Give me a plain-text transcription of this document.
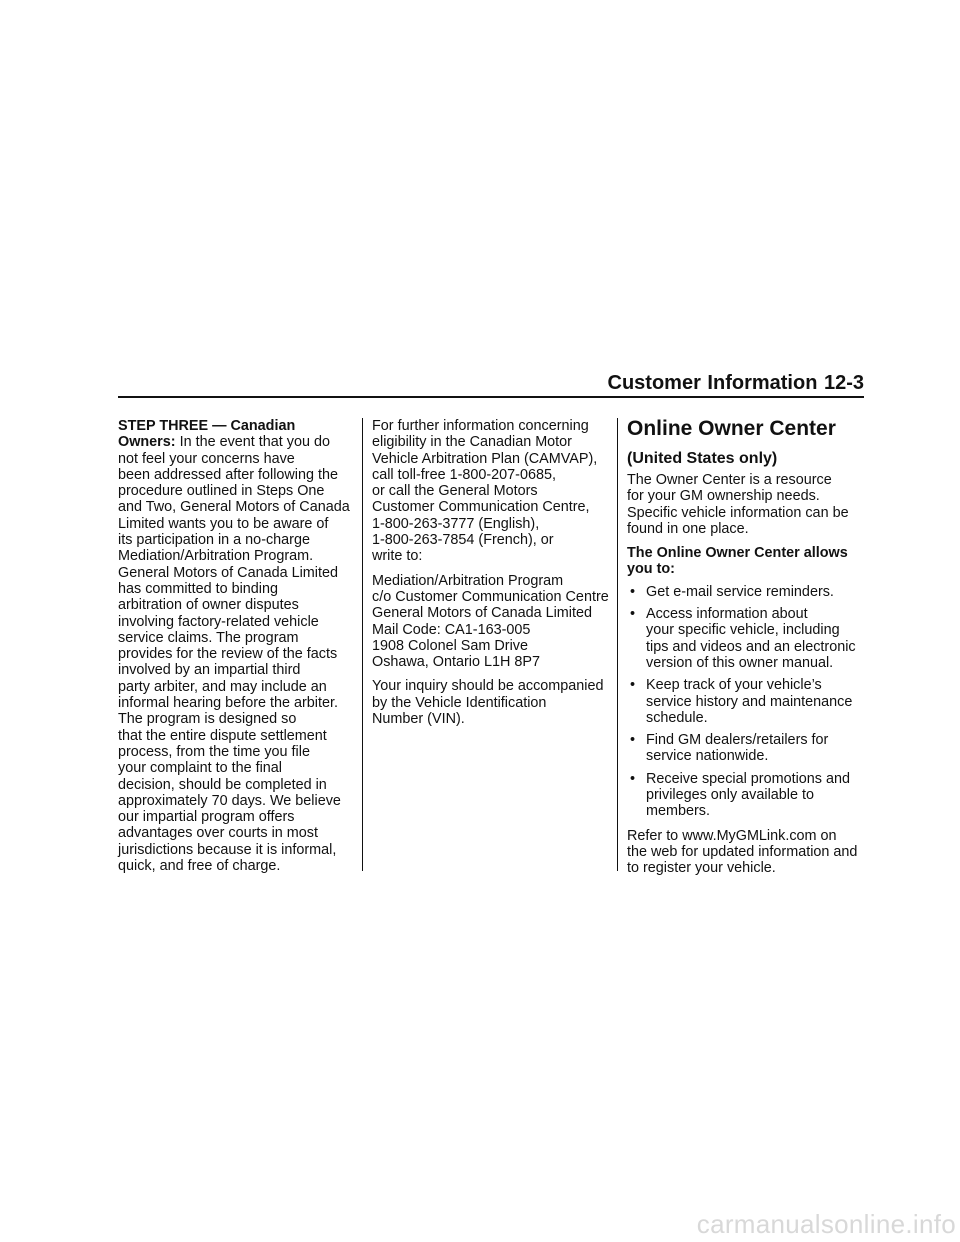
Customer Information 12-3

STEP THREE — Canadian

Owners: In the event that you do

not feel your concerns have

been addressed after following the

procedure outlined in Steps One

and Two, General Motors of Canada

Limited wants you to be aware of

its participation in a no-charge

Mediation/Arbitration Program.

General Motors of Canada Limited

has committed to binding

arbitration of owner disputes

involving factory-related vehicle

service claims. The program

provides for the review of the facts

involved by an impartial third

party arbiter, and may include an

informal hearing before the arbiter.

The program is designed so

that the entire dispute settlement

process, from the time you file

your complaint to the final

decision, should be completed in

approximately 70 days. We believe

our impartial program offers

advantages over courts in most

jurisdictions because it is informal,

quick, and free of charge.

For further information concerning

eligibility in the Canadian Motor

Vehicle Arbitration Plan (CAMVAP),

call toll-free 1-800-207-0685,

or call the General Motors

Customer Communication Centre,

1-800-263-3777 (English),

1-800-263-7854 (French), or

write to:

Mediation/Arbitration Program

c/o Customer Communication Centre

General Motors of Canada Limited

Mail Code: CA1-163-005

1908 Colonel Sam Drive

Oshawa, Ontario L1H 8P7

Your inquiry should be accompanied

by the Vehicle Identification

Number (VIN).

Online Owner Center
(United States only)

The Owner Center is a resource

for your GM ownership needs.

Specific vehicle information can be

found in one place.

The Online Owner Center allows

you to:

• Get e-mail service reminders.

• Access information about

your specific vehicle, including

tips and videos and an electronic

version of this owner manual.

• Keep track of your vehicle’s

service history and maintenance

schedule.

• Find GM dealers/retailers for

service nationwide.

• Receive special promotions and

privileges only available to

members.

Refer to www.MyGMLink.com on

the web for updated information and

to register your vehicle.

carmanualsonline.info
